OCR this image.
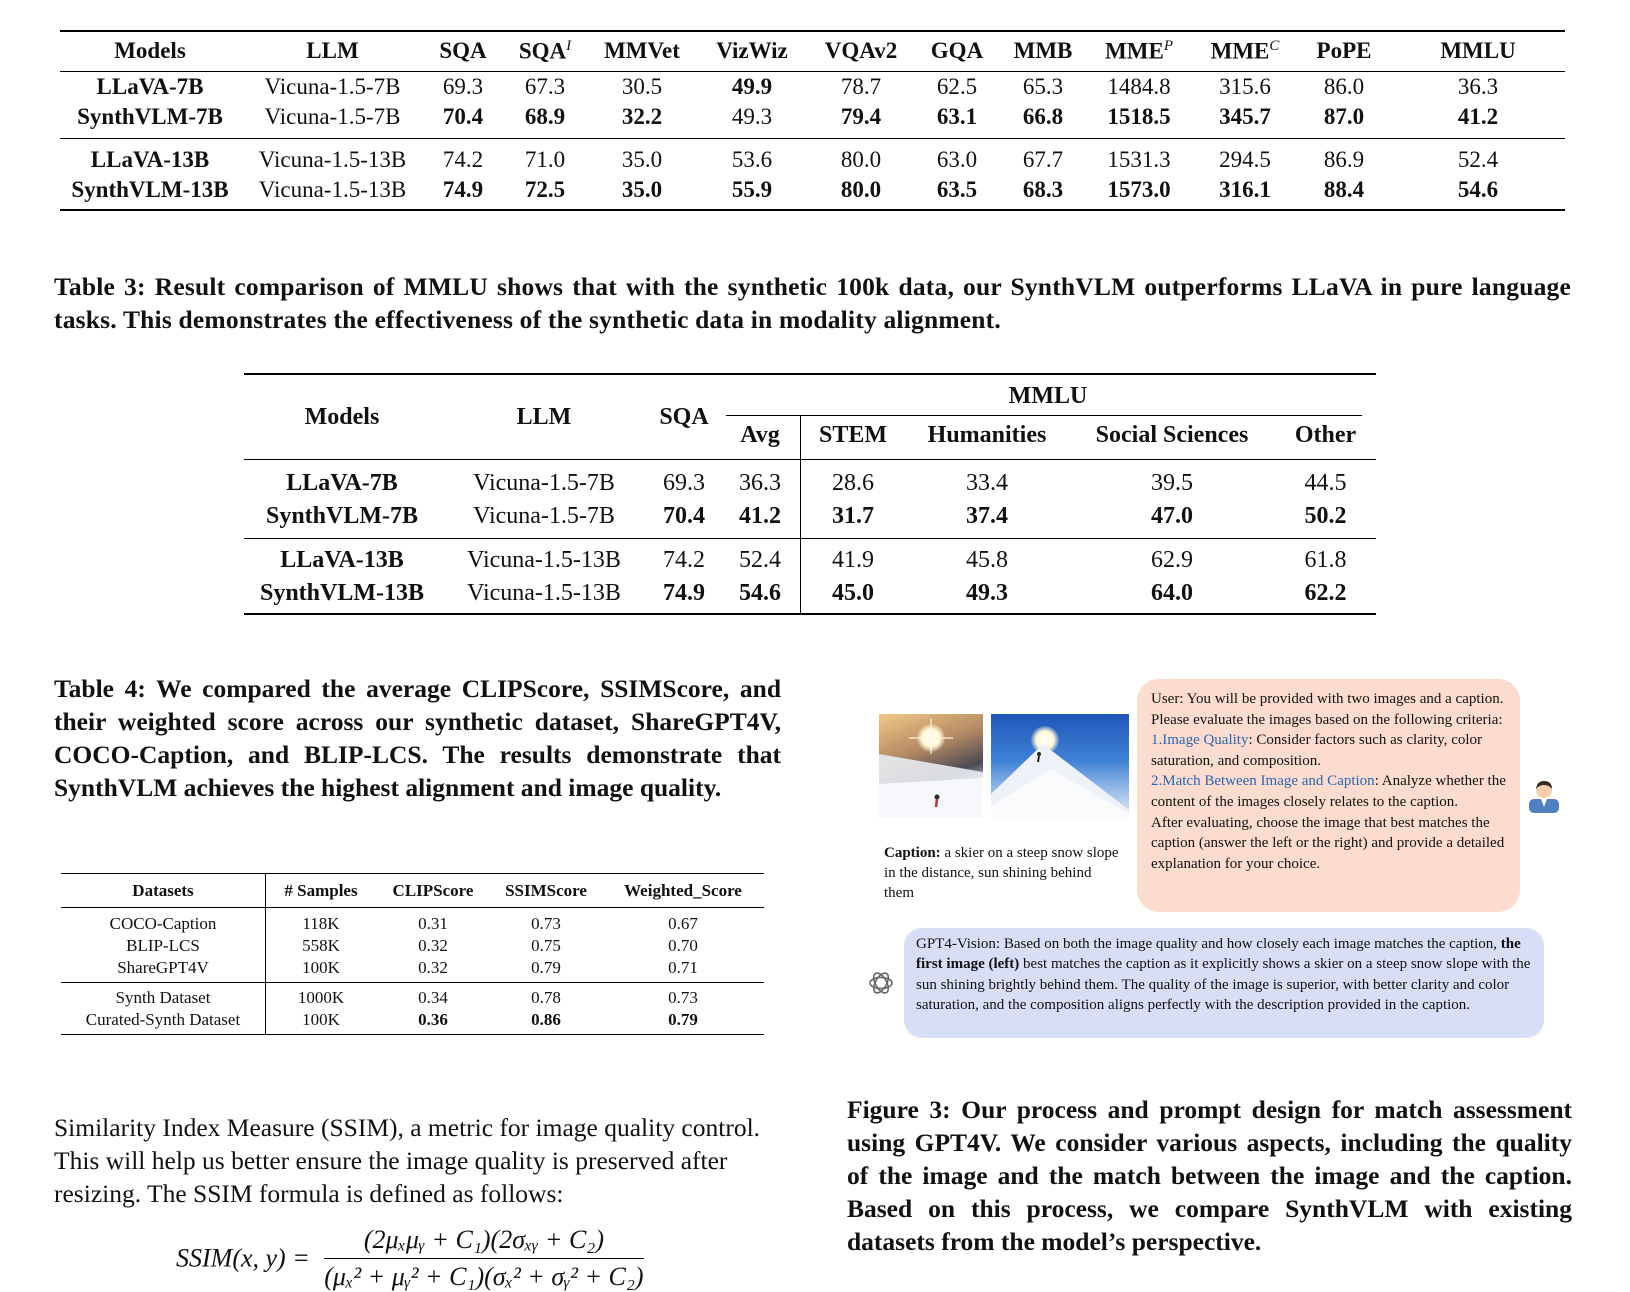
Models	LLM	SQA	$SQA^I$	MMVet	VizWiz	VQAv2	GQA	MMB	$MME^P$	$MME^C$	PoPE	MMLU
LLaVA-7B	Vicuna-1.5-7B	69.3	67.3	30.5	49.9	78.7	62.5	65.3	1484.8	315.6	86.0	36.3
SynthVLM-7B	Vicuna-1.5-7B	70.4	68.9	32.2	49.3	79.4	63.1	66.8	1518.5	345.7	87.0	41.2
LLaVA-13B	Vicuna-1.5-13B	74.2	71.0	35.0	53.6	80.0	63.0	67.7	1531.3	294.5	86.9	52.4
SynthVLM-13B	Vicuna-1.5-13B	74.9	72.5	35.0	55.9	80.0	63.5	68.3	1573.0	316.1	88.4	54.6
Table 3: Result comparison of MMLU shows that with the synthetic 100k data, our SynthVLM outperforms LLaVA in pure language tasks. This demonstrates the effectiveness of the synthetic data in modality alignment.
Models	LLM	SQA	MMLU				
			Avg	STEM	Humanities	Social Sciences	Other
LLaVA-7B	Vicuna-1.5-7B	69.3	36.3	28.6	33.4	39.5	44.5
SynthVLM-7B	Vicuna-1.5-7B	70.4	41.2	31.7	37.4	47.0	50.2
LLaVA-13B	Vicuna-1.5-13B	74.2	52.4	41.9	45.8	62.9	61.8
SynthVLM-13B	Vicuna-1.5-13B	74.9	54.6	45.0	49.3	64.0	62.2
Table 4: We compared the average CLIPScore, SSIMScore, and their weighted score across our synthetic dataset, ShareGPT4V, COCO-Caption, and BLIP-LCS. The results demonstrate that SynthVLM achieves the highest alignment and image quality.
Datasets	# Samples	CLIPScore	SSIMScore	Weighted_Score
COCO-Caption	118K	0.31	0.73	0.67
BLIP-LCS	558K	0.32	0.75	0.70
ShareGPT4V	100K	0.32	0.79	0.71
Synth Dataset	1000K	0.34	0.78	0.73
Curated-Synth Dataset	100K	0.36	0.86	0.79
Similarity Index Measure (SSIM), a metric for image quality control. This will help us better ensure the image quality is preserved after resizing. The SSIM formula is defined as follows:
SSIM(x, y) =
(2μₓμᵧ + C₁)(2σₓᵧ + C₂)
(μₓ² + μᵧ² + C₁)(σₓ² + σᵧ² + C₂)
Caption: a skier on a steep snow slope in the distance, sun shining behind them
User: You will be provided with two images and a caption. Please evaluate the images based on the following criteria:
1.Image Quality: Consider factors such as clarity, color saturation, and composition.
2.Match Between Image and Caption: Analyze whether the content of the images closely relates to the caption.
After evaluating, choose the image that best matches the caption (answer the left or the right) and provide a detailed explanation for your choice.
GPT4-Vision: Based on both the image quality and how closely each image matches the caption, the first image (left) best matches the caption as it explicitly shows a skier on a steep snow slope with the sun shining brightly behind them. The quality of the image is superior, with better clarity and color saturation, and the composition aligns perfectly with the description provided in the caption.
Figure 3: Our process and prompt design for match assessment using GPT4V. We consider various aspects, including the quality of the image and the match between the image and the caption. Based on this process, we compare SynthVLM with existing datasets from the model’s perspective.
